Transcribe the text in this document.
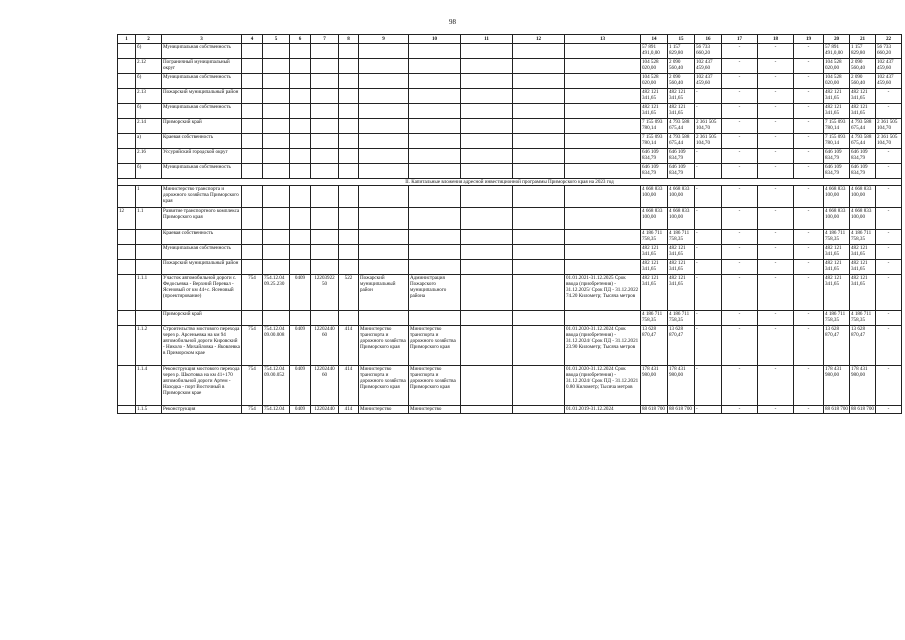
98
1	2	3	4	5	6	7	8	9	10	11	12	13	14	15	16	17	18	19	20	21	22
	б)	Муниципальная собственность											57 891 491,0,00	1 157 829,80	56 733 660,20	-	-	-	57 891 491,0,00	1 157 829,80	56 733 660,20
	2.12	Пограничный муниципальный округ											104 528 020,00	2 090 560,40	102 437 459,60	-	-	-	104 528 020,00	2 090 560,40	102 437 459,60
	б)	Муниципальная собственность											104 528 020,00	2 090 560,40	102 437 459,60	-	-	-	104 528 020,00	2 090 560,40	102 437 459,60
	2.13	Пожарский муниципальный район											482 121 341,65	482 121 341,65	-	-	-	-	482 121 341,65	482 121 341,65	-
	б)	Муниципальная собственность											482 121 341,65	482 121 341,65	-	-	-	-	482 121 341,65	482 121 341,65	-
	2.14	Приморский край											7 155 093 780,14	4 793 588 675,44	2 361 505 104,70	-	-	-	7 155 093 780,14	4 793 588 675,44	2 361 505 104,70
	а)	Краевая собственность											7 155 093 780,14	4 793 588 675,44	2 361 505 104,70	-	-	-	7 155 093 780,14	4 793 588 675,44	2 361 505 104,70
	2.16	Уссурийский городской округ											646 109 834,79	646 109 834,79	-	-	-	-	646 109 834,79	646 109 834,79	-
	б)	Муниципальная собственность											646 109 834,79	646 109 834,79	-	-	-	-	646 109 834,79	646 109 834,79	-
II. Капитальные вложения адресной инвестиционной программы Приморского края на 2023 год																					
	1	Министерство транспорта и дорожного хозяйства Приморского края											4 668 833 100,00	4 668 833 100,00	-	-	-	-	4 668 833 100,00	4 668 833 100,00	-
12	1.1	Развитие транспортного комплекса Приморского края											4 668 833 100,00	4 668 833 100,00	-	-	-	-	4 668 833 100,00	4 668 833 100,00	-
		Краевая собственность											4 186 711 758,35	4 186 711 758,35	-	-	-	-	4 186 711 758,35	4 186 711 758,35	-
		Муниципальная собственность											482 121 341,65	482 121 341,65	-	-	-	-	482 121 341,65	482 121 341,65	-
		Пожарский муниципальный район											482 121 341,65	482 121 341,65	-	-	-	-	482 121 341,65	482 121 341,65	-
	1.1.1	Участок автомобильной дороги с. Федосьевка - Верхний Перевал - Ясеновый от км 44+с. Ясеновый (проектирование)	754	754.12.04 09.25.230	0409	12203922 50	522	Пожарский муниципальный район	Администрация Пожарского муниципального района			01.01.2021-31.12.2025 Срок ввода (приобретения) - 31.12.2025/ Срок ПД - 31.12.2022 74.20 Километр; Тысяча метров	482 121 341,65	482 121 341,65	-	-	-	-	482 121 341,65	482 121 341,65	-
		Приморский край											4 186 711 758,35	4 186 711 758,35	-	-	-	-	4 186 711 758,35	4 186 711 758,35	-
	1.1.2	Строительство мостового перехода через р. Арсеньевка на км 94 автомобильной дороги Кировский - Николо - Михайловка - Яковлевка в Приморском крае	754	754.12.04 09.00.008	0409	12202440 60	414	Министерство транспорта и дорожного хозяйства Приморского края	Министерство транспорта и дорожного хозяйства Приморского края			01.01.2020-31.12.2024 Срок ввода (приобретения) - 31.12.2024/ Срок ПД - 31.12.2021 23.90 Километр; Тысяча метров	13 628 870,47	13 628 870,47	-	-	-	-	13 628 870,47	13 628 870,47	-
	1.1.4	Реконструкция мостового перехода через р. Шкотовка на км 41+170 автомобильной дороги Артем - Находка - порт Восточный в Приморском крае	754	754.12.04 09.00.052	0409	12202440 60	414	Министерство транспорта и дорожного хозяйства Приморского края	Министерство транспорта и дорожного хозяйства Приморского края			01.01.2020-31.12.2024 Срок ввода (приобретения) - 31.12.2024/ Срок ПД - 31.12.2021 0.80 Километр; Тысяча метров	178 431 980,00	178 431 980,00	-	-	-	-	178 431 980,00	178 431 980,00	-
	1.1.5	Реконструкция	754	754.12.04	0409	12202440	414	Министерство	Министерство			01.01.2019-31.12.2024	88 618 700	88 618 700	-	-	-	-	88 618 700	88 618 700	-
